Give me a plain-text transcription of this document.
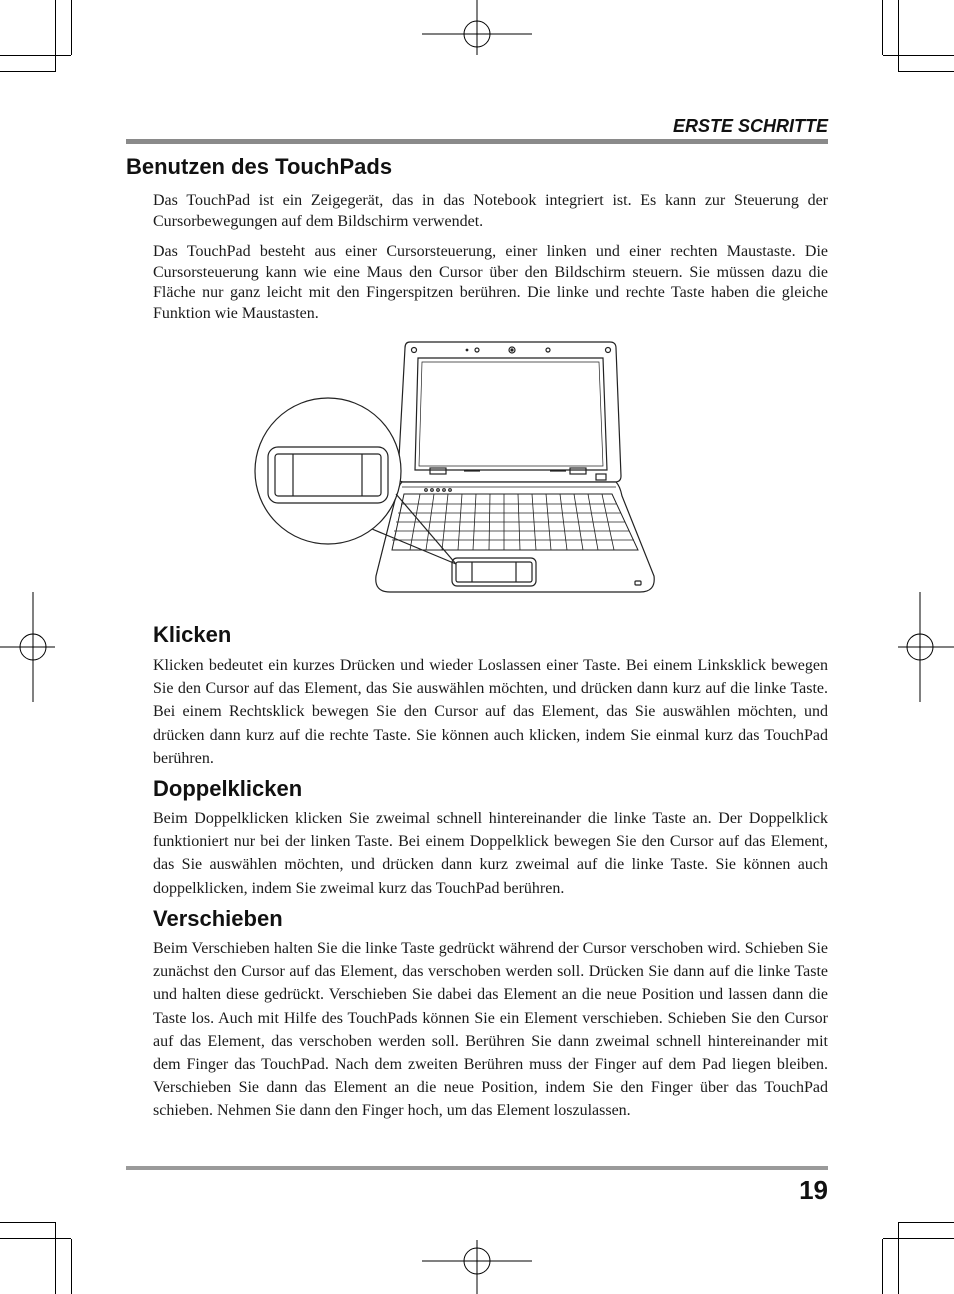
ERSTE SCHRITTE
Benutzen des TouchPads

Das TouchPad ist ein Zeigegerät, das in das Notebook integriert ist. Es kann zur Steuerung der Cursorbewegungen auf dem Bildschirm verwendet.

Das TouchPad besteht aus einer Cursorsteuerung, einer linken und einer rechten Maustaste. Die Cursorsteuerung kann wie eine Maus den Cursor über den Bildschirm steuern. Sie müssen dazu die Fläche nur ganz leicht mit den Fingerspitzen berühren. Die linke und rechte Taste haben die gleiche Funktion wie Maustasten.

Klicken

Klicken bedeutet ein kurzes Drücken und wieder Loslassen einer Taste. Bei einem Linksklick bewegen Sie den Cursor auf das Element, das Sie auswählen möchten, und drücken dann kurz auf die linke Taste. Bei einem Rechtsklick bewegen Sie den Cursor auf das Element, das Sie auswählen möchten, und drücken dann kurz auf die rechte Taste. Sie können auch klicken, indem Sie einmal kurz das TouchPad berühren.

Doppelklicken

Beim Doppelklicken klicken Sie zweimal schnell hintereinander die linke Taste an. Der Doppelklick funktioniert nur bei der linken Taste. Bei einem Doppelklick bewegen Sie den Cursor auf das Element, das Sie auswählen möchten, und drücken dann kurz zweimal auf die linke Taste. Sie können auch doppelklicken, indem Sie zweimal kurz das TouchPad berühren.

Verschieben

Beim Verschieben halten Sie die linke Taste gedrückt während der Cursor verschoben wird. Schieben Sie zunächst den Cursor auf das Element, das verschoben werden soll. Drücken Sie dann auf die linke Taste und halten diese gedrückt. Verschieben Sie dabei das Element an die neue Position und lassen dann die Taste los. Auch mit Hilfe des TouchPads können Sie ein Element verschieben. Schieben Sie den Cursor auf das Element, das verschoben werden soll. Berühren Sie dann zweimal schnell hintereinander mit dem Finger das TouchPad. Nach dem zweiten Berühren muss der Finger auf dem Pad liegen bleiben. Verschieben Sie dann das Element an die neue Position, indem Sie den Finger über das TouchPad schieben. Nehmen Sie dann den Finger hoch, um das Element loszulassen.

19
